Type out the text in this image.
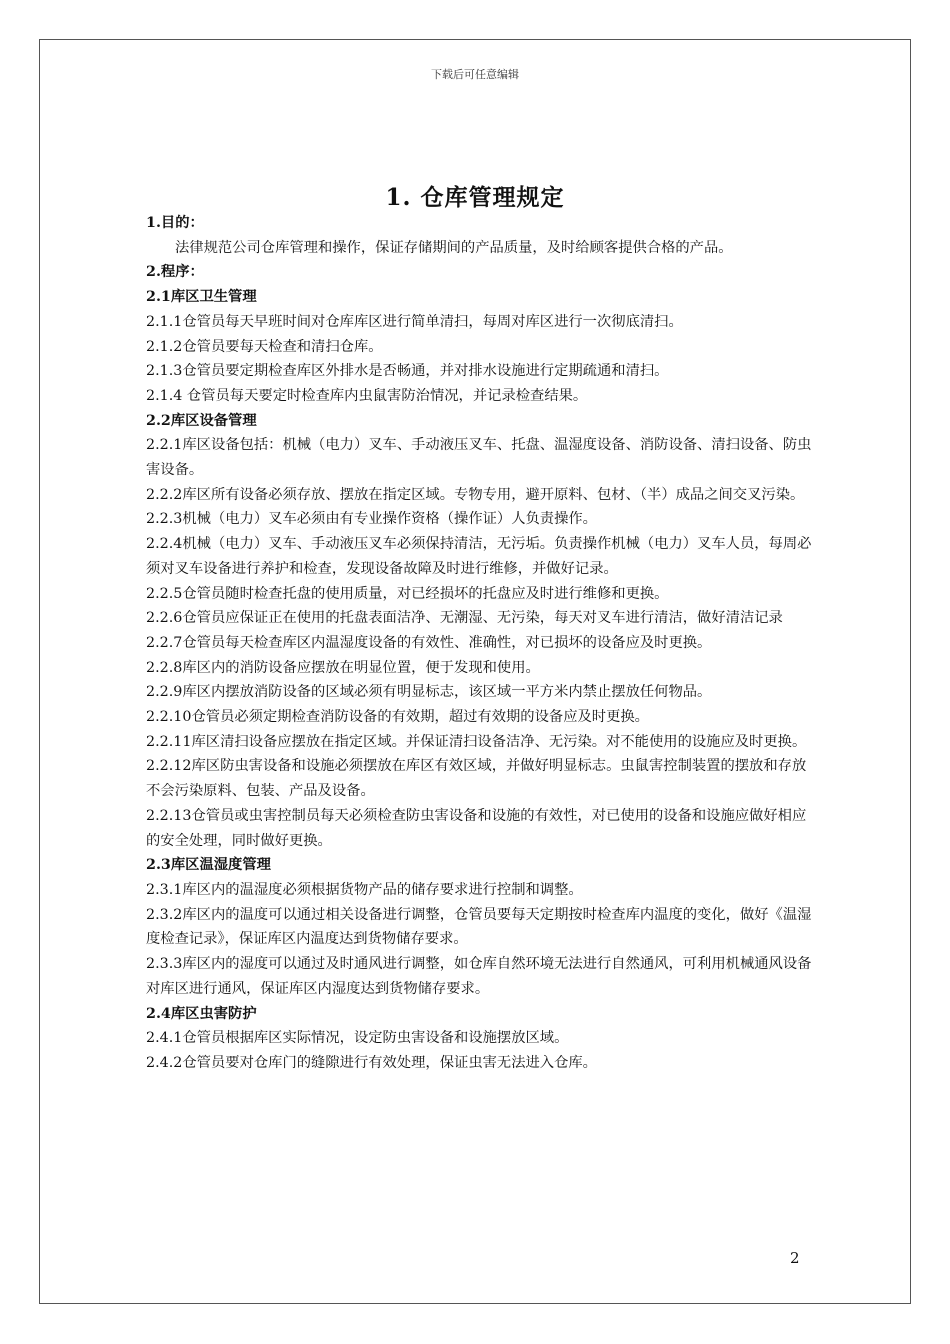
下载后可任意编辑
1. 仓库管理规定

1.目的：

法律规范公司仓库管理和操作，保证存储期间的产品质量，及时给顾客提供合格的产品。

2.程序：

2.1库区卫生管理

2.1.1仓管员每天早班时间对仓库库区进行简单清扫，每周对库区进行一次彻底清扫。

2.1.2仓管员要每天检查和清扫仓库。

2.1.3仓管员要定期检查库区外排水是否畅通，并对排水设施进行定期疏通和清扫。

2.1.4 仓管员每天要定时检查库内虫鼠害防治情况，并记录检查结果。

2.2库区设备管理

2.2.1库区设备包括：机械（电力）叉车、手动液压叉车、托盘、温湿度设备、消防设备、清扫设备、防虫害设备。

2.2.2库区所有设备必须存放、摆放在指定区域。专物专用，避开原料、包材、（半）成品之间交叉污染。

2.2.3机械（电力）叉车必须由有专业操作资格（操作证）人负责操作。

2.2.4机械（电力）叉车、手动液压叉车必须保持清洁，无污垢。负责操作机械（电力）叉车人员，每周必须对叉车设备进行养护和检查，发现设备故障及时进行维修，并做好记录。

2.2.5仓管员随时检查托盘的使用质量，对已经损坏的托盘应及时进行维修和更换。

2.2.6仓管员应保证正在使用的托盘表面洁净、无潮湿、无污染，每天对叉车进行清洁，做好清洁记录

2.2.7仓管员每天检查库区内温湿度设备的有效性、准确性，对已损坏的设备应及时更换。

2.2.8库区内的消防设备应摆放在明显位置，便于发现和使用。

2.2.9库区内摆放消防设备的区域必须有明显标志，该区域一平方米内禁止摆放任何物品。

2.2.10仓管员必须定期检查消防设备的有效期，超过有效期的设备应及时更换。

2.2.11库区清扫设备应摆放在指定区域。并保证清扫设备洁净、无污染。对不能使用的设施应及时更换。

2.2.12库区防虫害设备和设施必须摆放在库区有效区域，并做好明显标志。虫鼠害控制装置的摆放和存放不会污染原料、包装、产品及设备。

2.2.13仓管员或虫害控制员每天必须检查防虫害设备和设施的有效性，对已使用的设备和设施应做好相应的安全处理，同时做好更换。

2.3库区温湿度管理

2.3.1库区内的温湿度必须根据货物产品的储存要求进行控制和调整。

2.3.2库区内的温度可以通过相关设备进行调整，仓管员要每天定期按时检查库内温度的变化，做好《温湿度检查记录》，保证库区内温度达到货物储存要求。

2.3.3库区内的湿度可以通过及时通风进行调整，如仓库自然环境无法进行自然通风，可利用机械通风设备对库区进行通风，保证库区内湿度达到货物储存要求。

2.4库区虫害防护

2.4.1仓管员根据库区实际情况，设定防虫害设备和设施摆放区域。

2.4.2仓管员要对仓库门的缝隙进行有效处理，保证虫害无法进入仓库。

2
